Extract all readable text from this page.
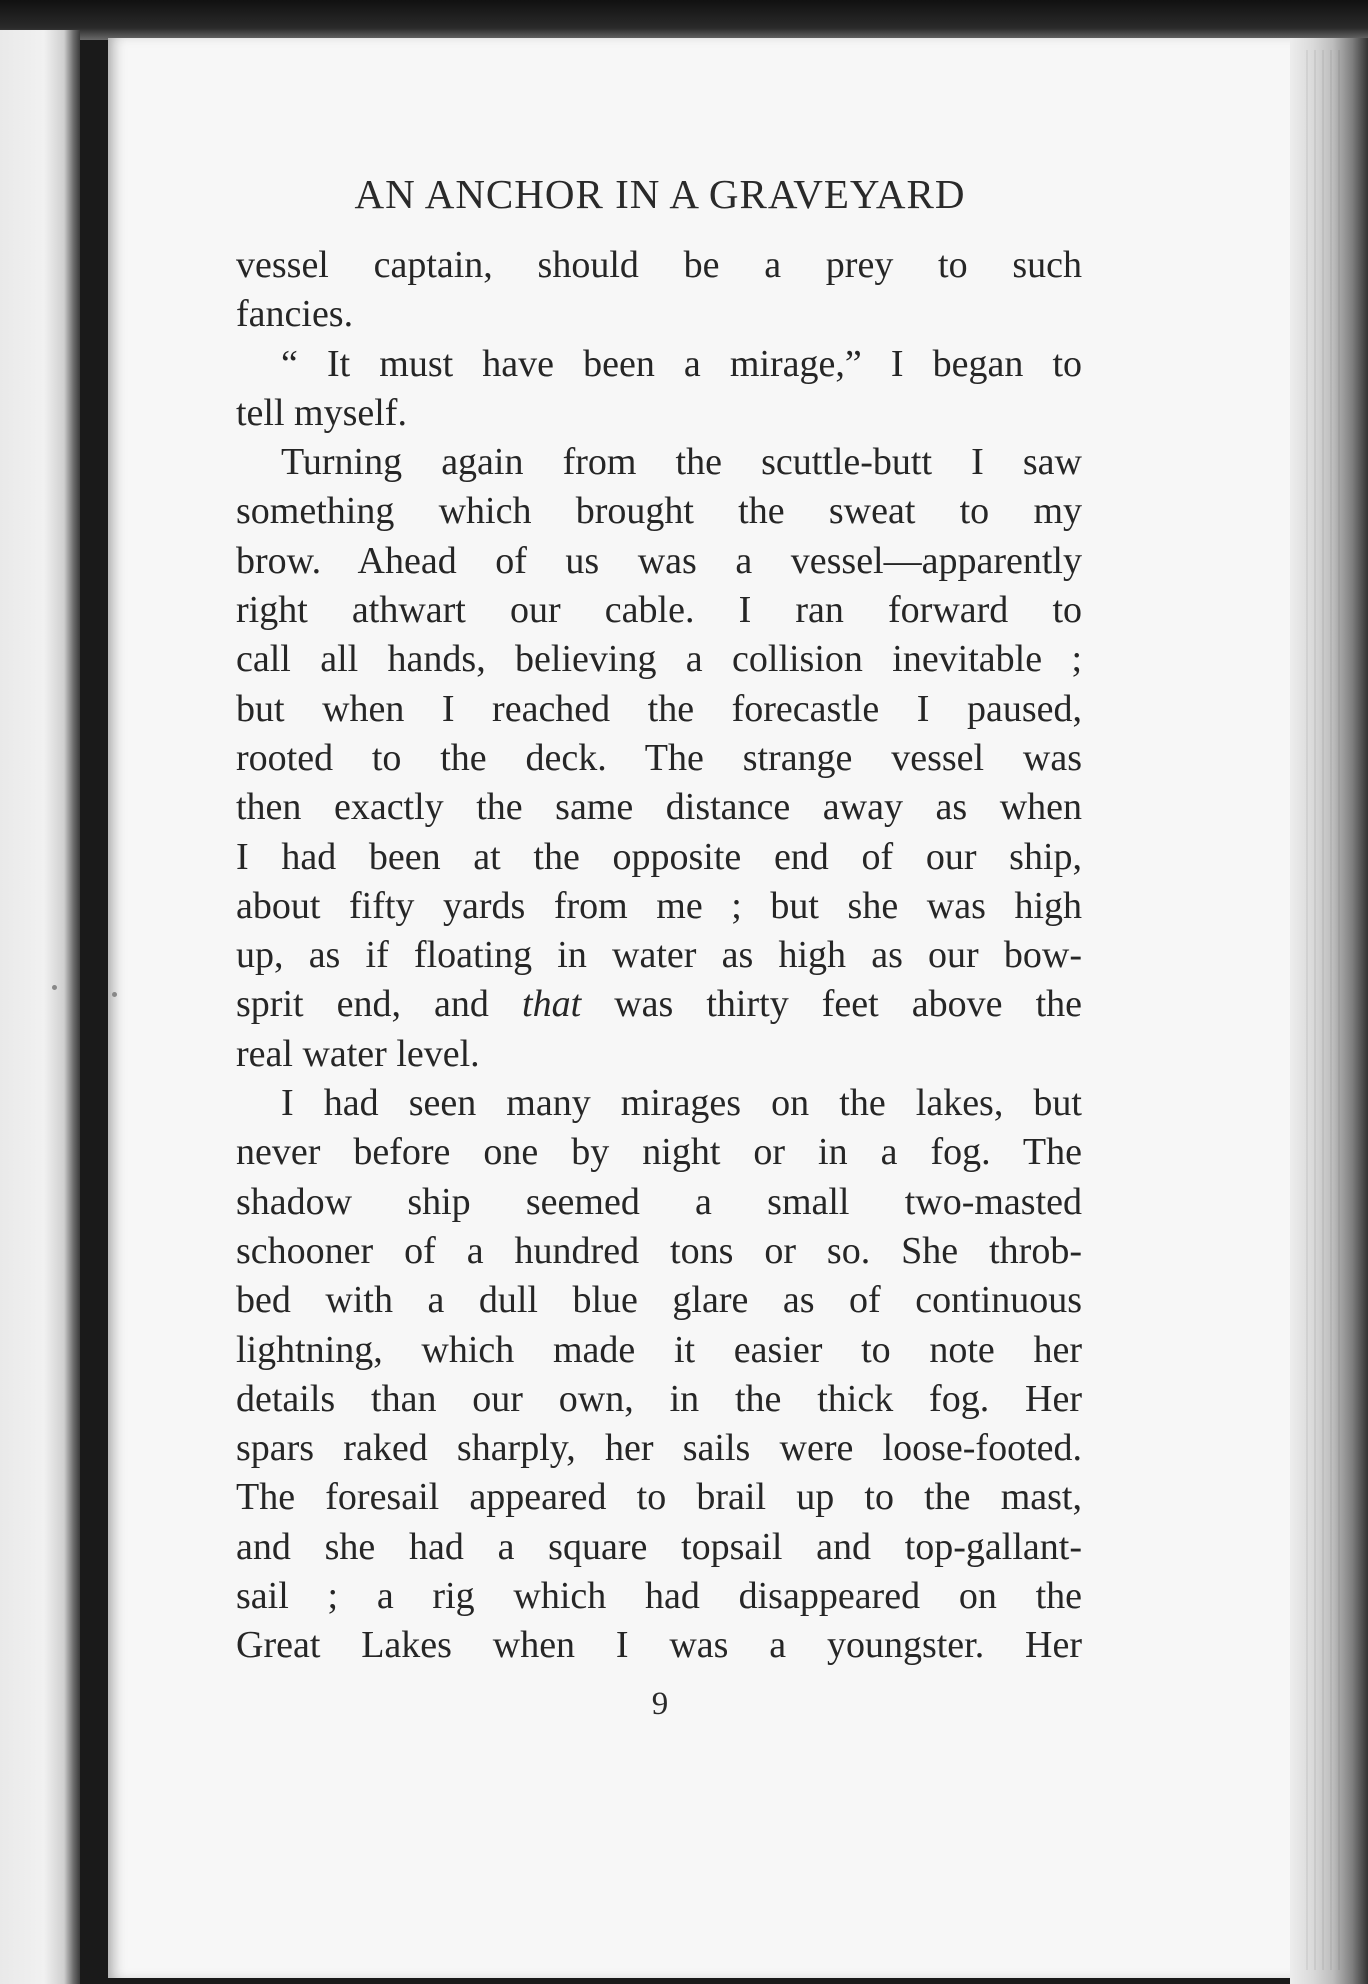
AN ANCHOR IN A GRAVEYARD
vessel captain, should be a prey to such
fancies.
“ It must have been a mirage,” I began to
tell myself.
Turning again from the scuttle-butt I saw
something which brought the sweat to my
brow. Ahead of us was a vessel—apparently
right athwart our cable. I ran forward to
call all hands, believing a collision inevitable ;
but when I reached the forecastle I paused,
rooted to the deck. The strange vessel was
then exactly the same distance away as when
I had been at the opposite end of our ship,
about fifty yards from me ; but she was high
up, as if floating in water as high as our bow-
sprit end, and that was thirty feet above the
real water level.
I had seen many mirages on the lakes, but
never before one by night or in a fog. The
shadow ship seemed a small two-masted
schooner of a hundred tons or so. She throb-
bed with a dull blue glare as of continuous
lightning, which made it easier to note her
details than our own, in the thick fog. Her
spars raked sharply, her sails were loose-footed.
The foresail appeared to brail up to the mast,
and she had a square topsail and top-gallant-
sail ; a rig which had disappeared on the
Great Lakes when I was a youngster. Her
9
